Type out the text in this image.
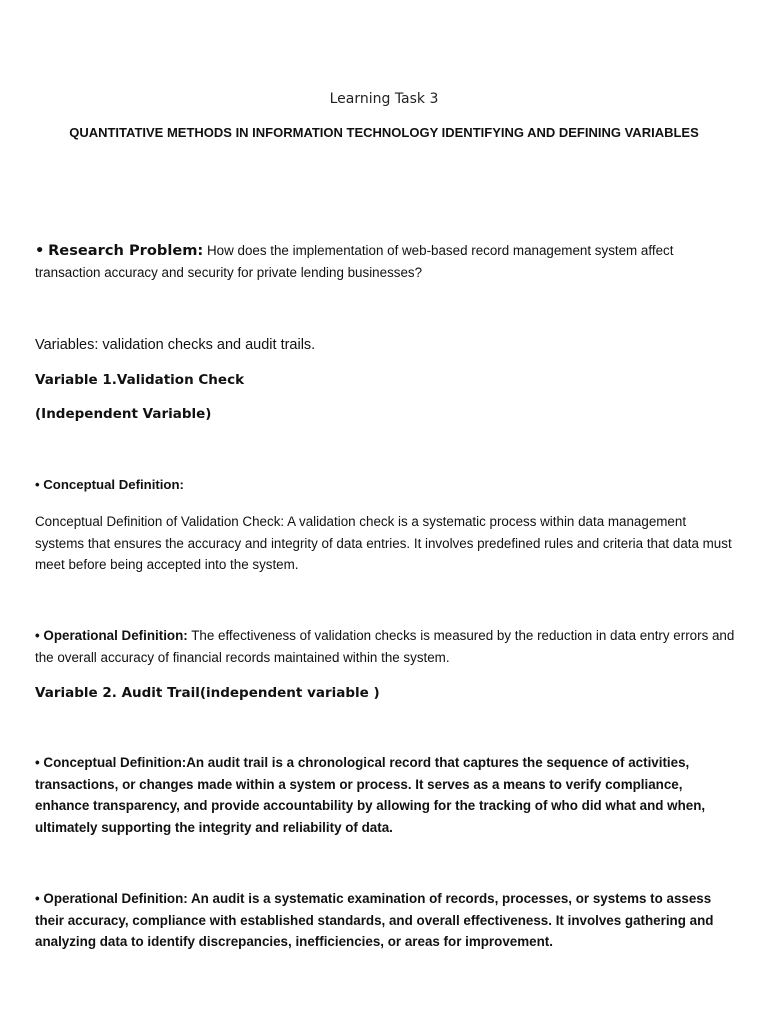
Learning Task 3

QUANTITATIVE METHODS IN INFORMATION TECHNOLOGY IDENTIFYING AND DEFINING VARIABLES

• Research Problem: How does the implementation of web-based record management system affect transaction accuracy and security for private lending businesses?

Variables: validation checks and audit trails.

Variable 1.Validation Check

(Independent Variable)

• Conceptual Definition:

Conceptual Definition of Validation Check: A validation check is a systematic process within data management systems that ensures the accuracy and integrity of data entries. It involves predefined rules and criteria that data must meet before being accepted into the system.

• Operational Definition: The effectiveness of validation checks is measured by the reduction in data entry errors and the overall accuracy of financial records maintained within the system.

Variable 2. Audit Trail(independent variable )

• Conceptual Definition:An audit trail is a chronological record that captures the sequence of activities, transactions, or changes made within a system or process. It serves as a means to verify compliance, enhance transparency, and provide accountability by allowing for the tracking of who did what and when, ultimately supporting the integrity and reliability of data.

• Operational Definition: An audit is a systematic examination of records, processes, or systems to assess their accuracy, compliance with established standards, and overall effectiveness. It involves gathering and analyzing data to identify discrepancies, inefficiencies, or areas for improvement.
